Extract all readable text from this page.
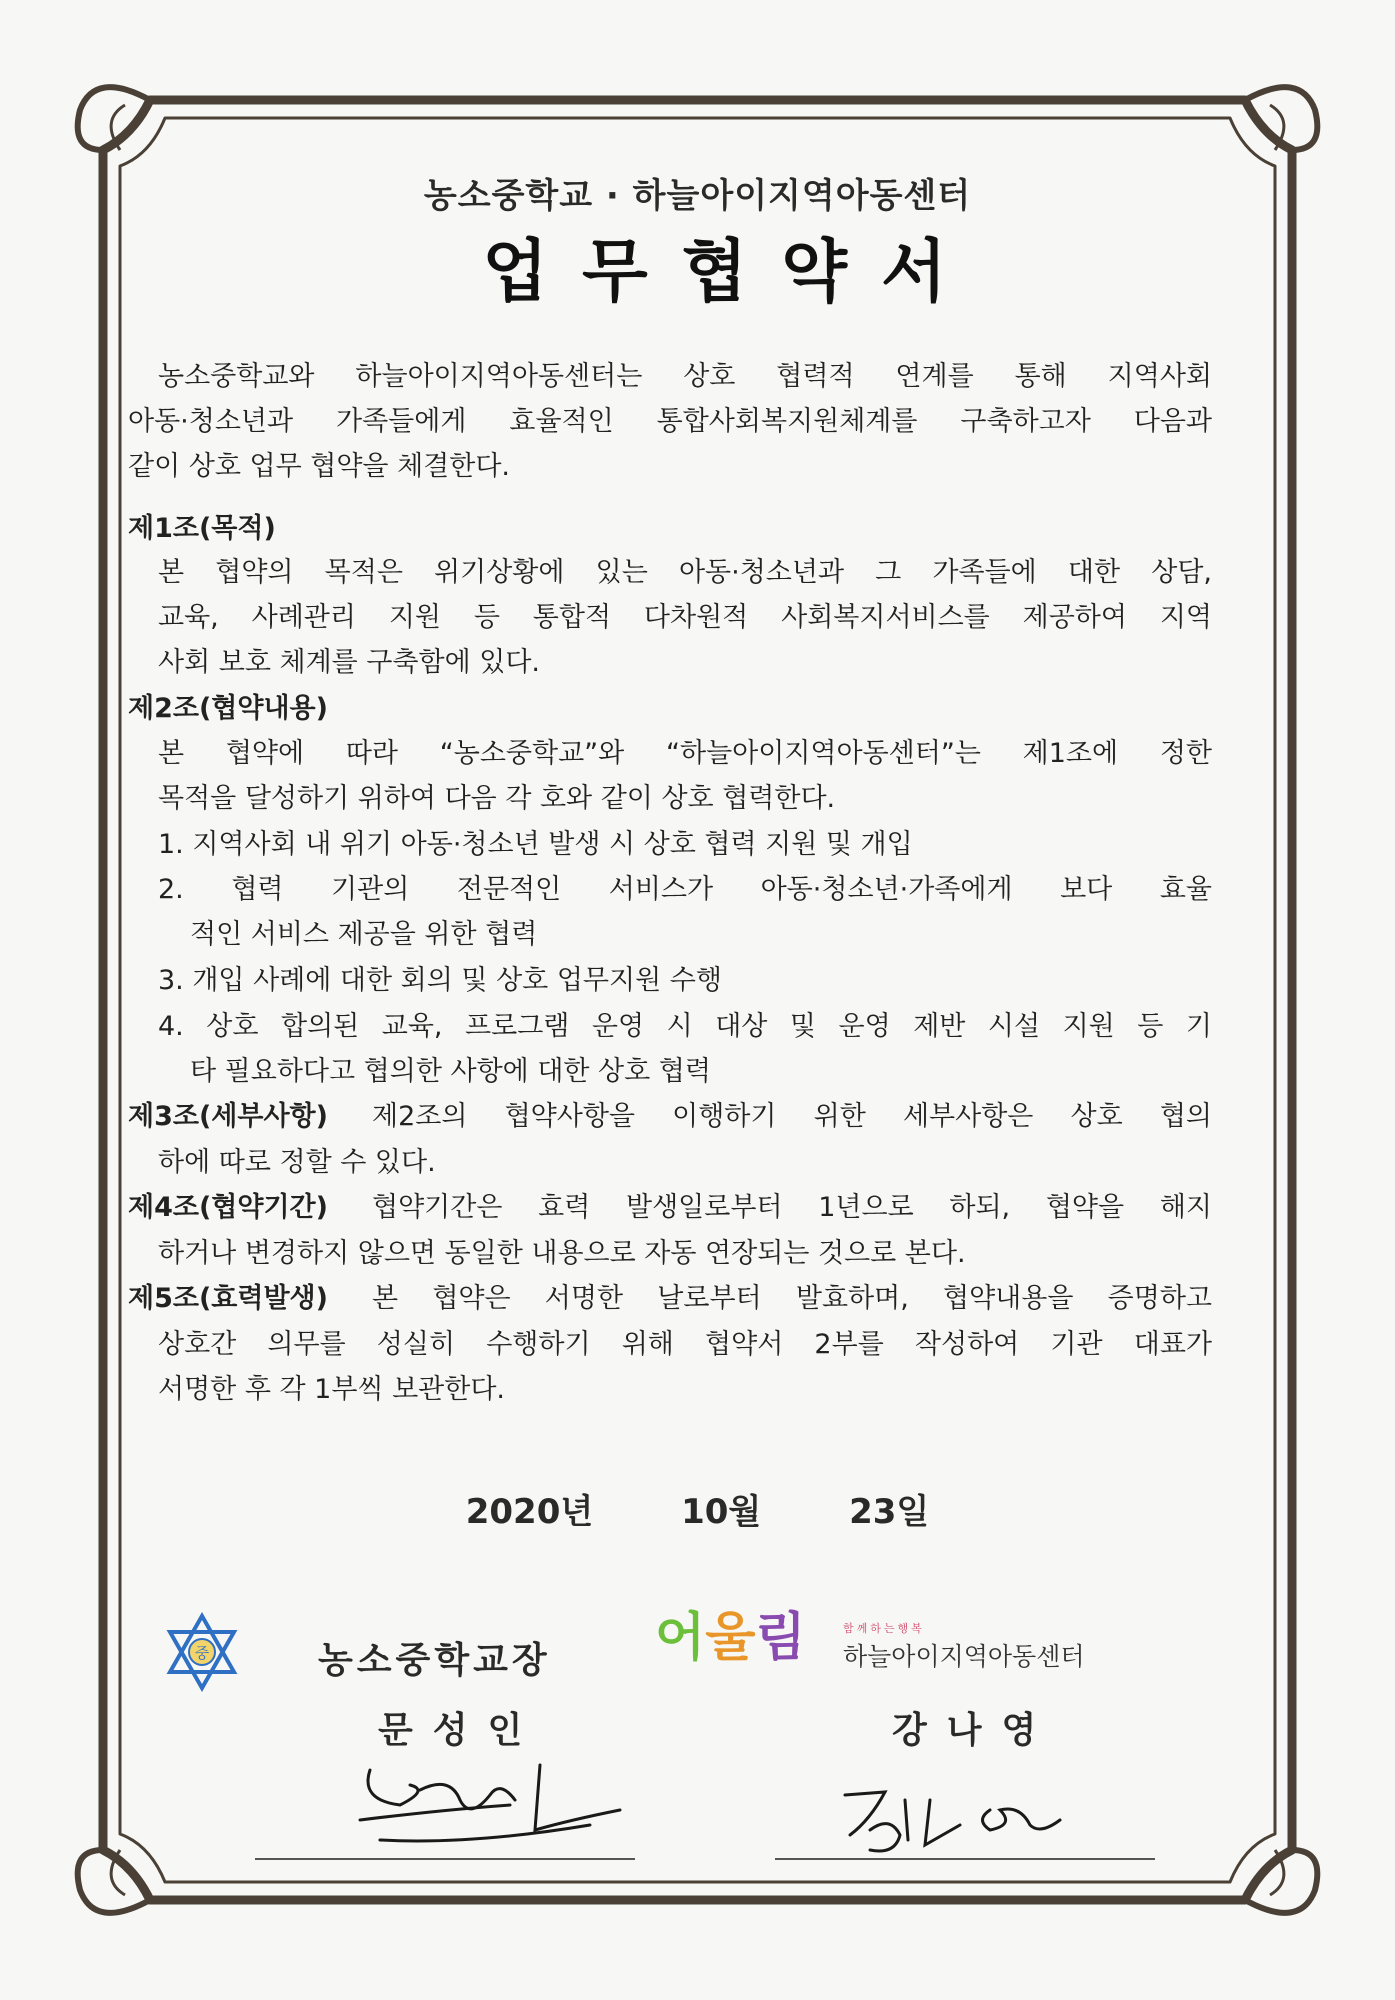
농소중학교 · 하늘아이지역아동센터
업무협약서
농소중학교와 하늘아이지역아동센터는 상호 협력적 연계를 통해 지역사회
아동·청소년과 가족들에게 효율적인 통합사회복지원체계를 구축하고자 다음과
같이 상호 업무 협약을 체결한다.
제1조(목적)
본 협약의 목적은 위기상황에 있는 아동·청소년과 그 가족들에 대한 상담,
교육, 사례관리 지원 등 통합적 다차원적 사회복지서비스를 제공하여 지역
사회 보호 체계를 구축함에 있다.
제2조(협약내용)
본 협약에 따라 “농소중학교”와 “하늘아이지역아동센터”는 제1조에 정한
목적을 달성하기 위하여 다음 각 호와 같이 상호 협력한다.
1. 지역사회 내 위기 아동·청소년 발생 시 상호 협력 지원 및 개입
2. 협력 기관의 전문적인 서비스가 아동·청소년·가족에게 보다 효율
적인 서비스 제공을 위한 협력
3. 개입 사례에 대한 회의 및 상호 업무지원 수행
4. 상호 합의된 교육, 프로그램 운영 시 대상 및 운영 제반 시설 지원 등 기
타 필요하다고 협의한 사항에 대한 상호 협력
제3조(세부사항) 제2조의 협약사항을 이행하기 위한 세부사항은 상호 협의
하에 따로 정할 수 있다.
제4조(협약기간) 협약기간은 효력 발생일로부터 1년으로 하되, 협약을 해지
하거나 변경하지 않으면 동일한 내용으로 자동 연장되는 것으로 본다.
제5조(효력발생) 본 협약은 서명한 날로부터 발효하며, 협약내용을 증명하고
상호간 의무를 성실히 수행하기 위해 협약서 2부를 작성하여 기관 대표가
서명한 후 각 1부씩 보관한다.
2020년	10월	23일
중	농소중학교장
문성인
어울림	함께하는행복
하늘아이지역아동센터
강나영
